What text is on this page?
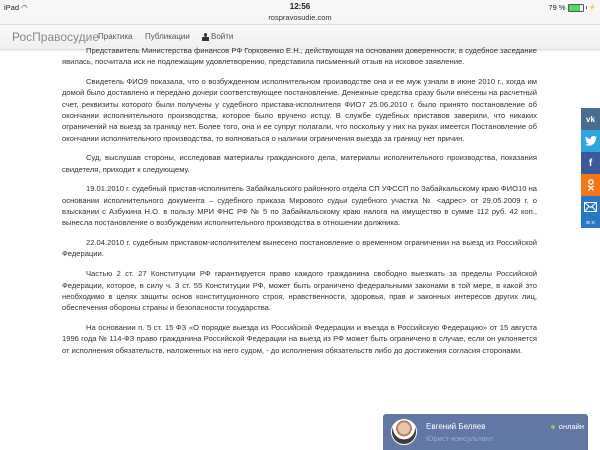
iPad ◠	12:56
rospravosudie.com
79 %	⚡
РосПравосудие
Практика Публикации	Войти

Представитель Министерства финансов РФ Горковенко Е.Н., действующая на основании доверенности, в судебное заседание явилась, посчитала иск не подлежащим удовлетворению, представила письменный отзыв на исковое заявление.

Свидетель ФИО9 показала, что о возбужденном исполнительном производстве она и ее муж узнали в июне 2010 г., когда им домой было доставлено и передано дочери соответствующее постановление. Денежные средства сразу были внесены на расчетный счет, реквизиты которого были получены у судебного пристава-исполнителя ФИО7 25.06.2010 г. было принято постановление об окончании исполнительного производства, которое было вручено истцу. В службе судебных приставов заверили, что никаких ограничений на выезд за границу нет. Более того, она и ее супруг полагали, что поскольку у них на руках имеется Постановление об окончании исполнительного производства, то волноваться о наличии ограничения выезда за границу нет причин.

Суд, выслушав стороны, исследовав материалы гражданского дела, материалы исполнительного производства, показания свидетеля, приходит к следующему.

19.01.2010 г. судебный пристав-исполнитель Забайкальского районного отдела СП УФССП по Забайкальскому краю ФИО10 на основании исполнительного документа – судебного приказа Мирового судьи судебного участка № <адрес> от 29.05.2009 г. о взыскании с Азбукина Н.О. в пользу МРИ ФНС РФ № 5 по Забайкальскому краю налога на имущество в сумме 112 руб. 42 коп., вынесла постановление о возбуждении исполнительного производства в отношении должника.

22.04.2010 г. судебным приставом-исполнителем вынесено постановление о временном ограничении на выезд из Российской Федерации.

Частью 2 ст. 27 Конституции РФ гарантируется право каждого гражданина свободно выезжать за пределы Российской Федерации, которое, в силу ч. 3 ст. 55 Конституции РФ, может быть ограничено федеральными законами в той мере, в какой это необходимо в целях защиты основ конституционного строя, нравственности, здоровья, прав и законных интересов других лиц, обеспечения обороны страны и безопасности государства.

На основании п. 5 ст. 15 ФЗ «О порядке выезда из Российской Федерации и въезда в Российскую Федерацию» от 15 августа 1996 года № 114-ФЗ право гражданина Российской Федерации на выезд из РФ может быть ограничено в случае, если он уклоняется от исполнения обязательств, наложенных на него судом, - до исполнения обязательств либо до достижения согласия сторонами.

vk
f
≡ ×
Евгений Беляев
Юрист-консультант
онлайн
